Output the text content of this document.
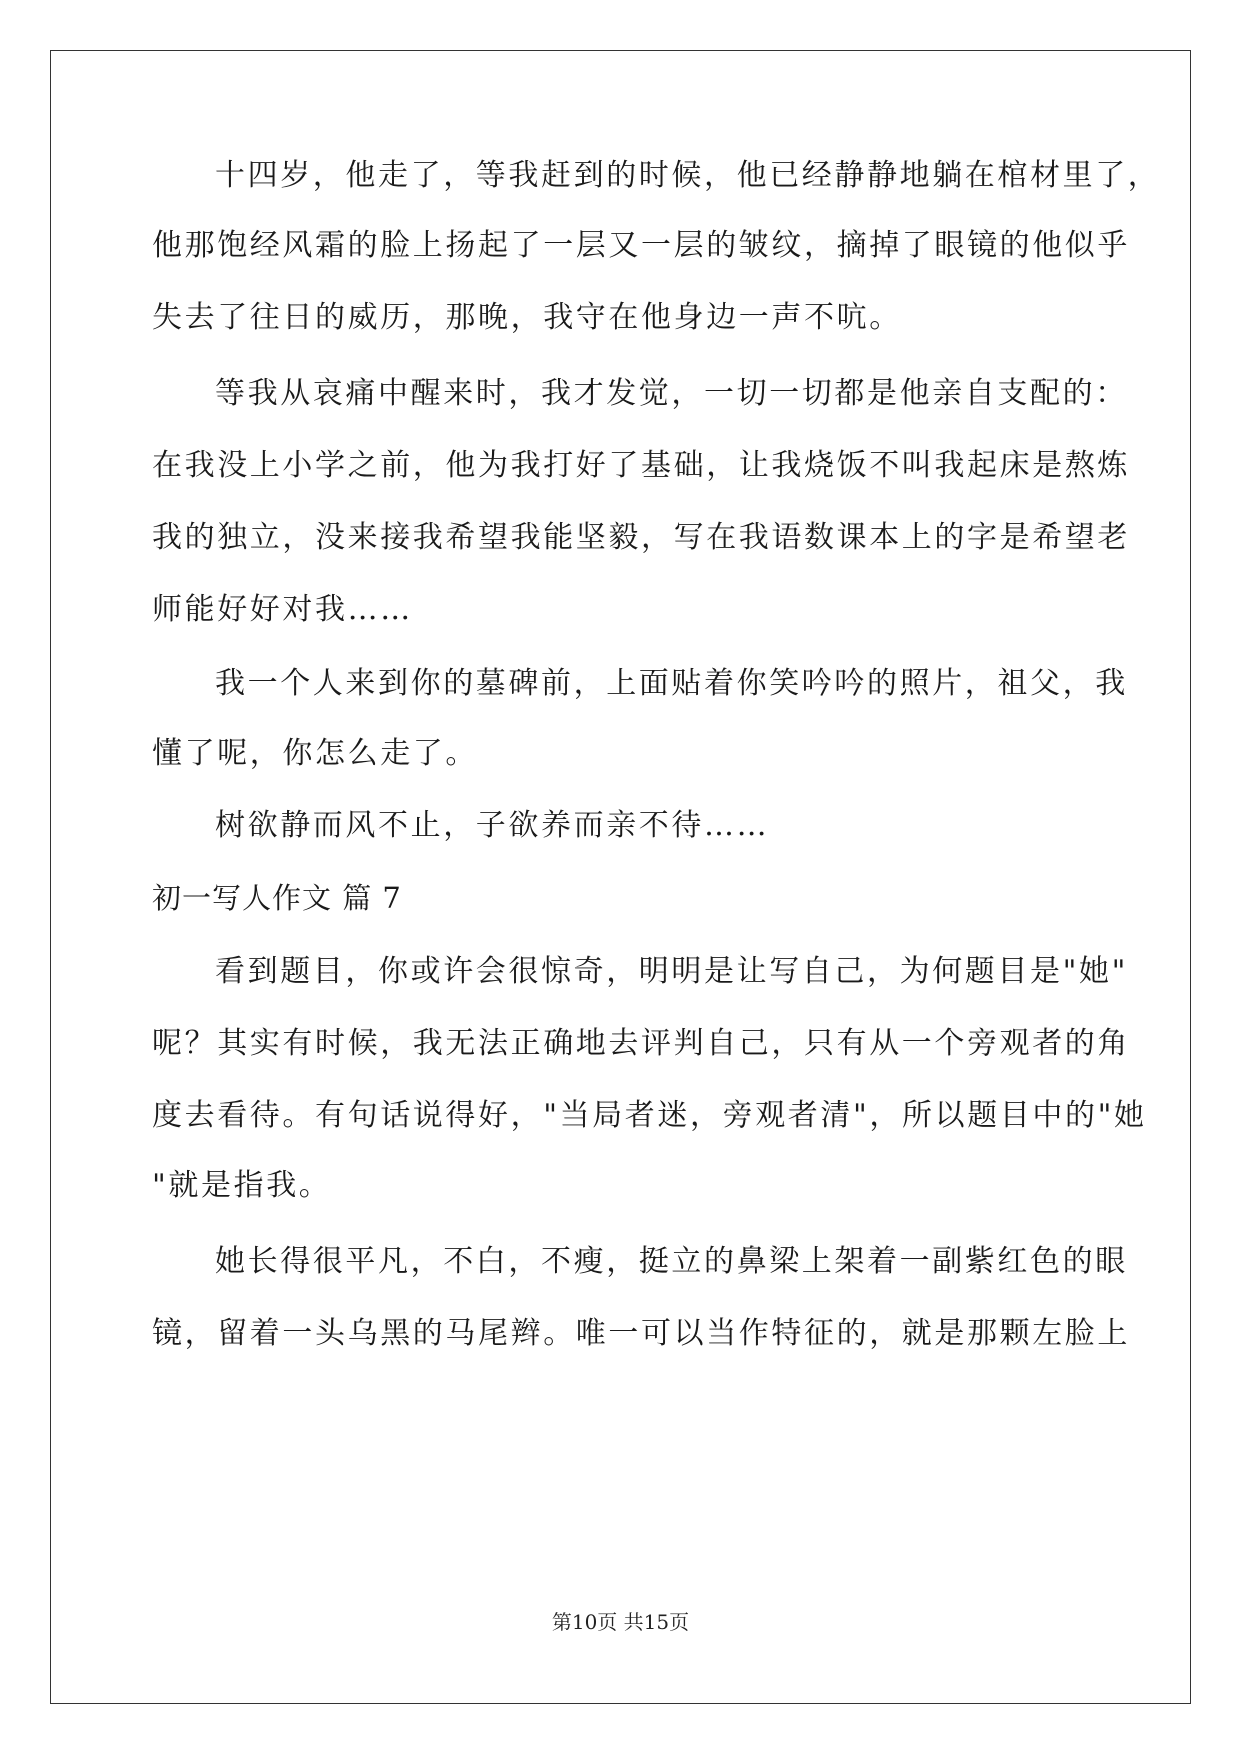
十四岁，他走了，等我赶到的时候，他已经静静地躺在棺材里了，
他那饱经风霜的脸上扬起了一层又一层的皱纹，摘掉了眼镜的他似乎
失去了往日的威历，那晚，我守在他身边一声不吭。
等我从哀痛中醒来时，我才发觉，一切一切都是他亲自支配的：
在我没上小学之前，他为我打好了基础，让我烧饭不叫我起床是熬炼
我的独立，没来接我希望我能坚毅，写在我语数课本上的字是希望老
师能好好对我……
我一个人来到你的墓碑前，上面贴着你笑吟吟的照片，祖父，我
懂了呢，你怎么走了。
树欲静而风不止，子欲养而亲不待……
初一写人作文 篇 7
看到题目，你或许会很惊奇，明明是让写自己，为何题目是"她"
呢？其实有时候，我无法正确地去评判自己，只有从一个旁观者的角
度去看待。有句话说得好，"当局者迷，旁观者清"，所以题目中的"她
"就是指我。
她长得很平凡，不白，不瘦，挺立的鼻梁上架着一副紫红色的眼
镜，留着一头乌黑的马尾辫。唯一可以当作特征的，就是那颗左脸上
第10页 共15页
